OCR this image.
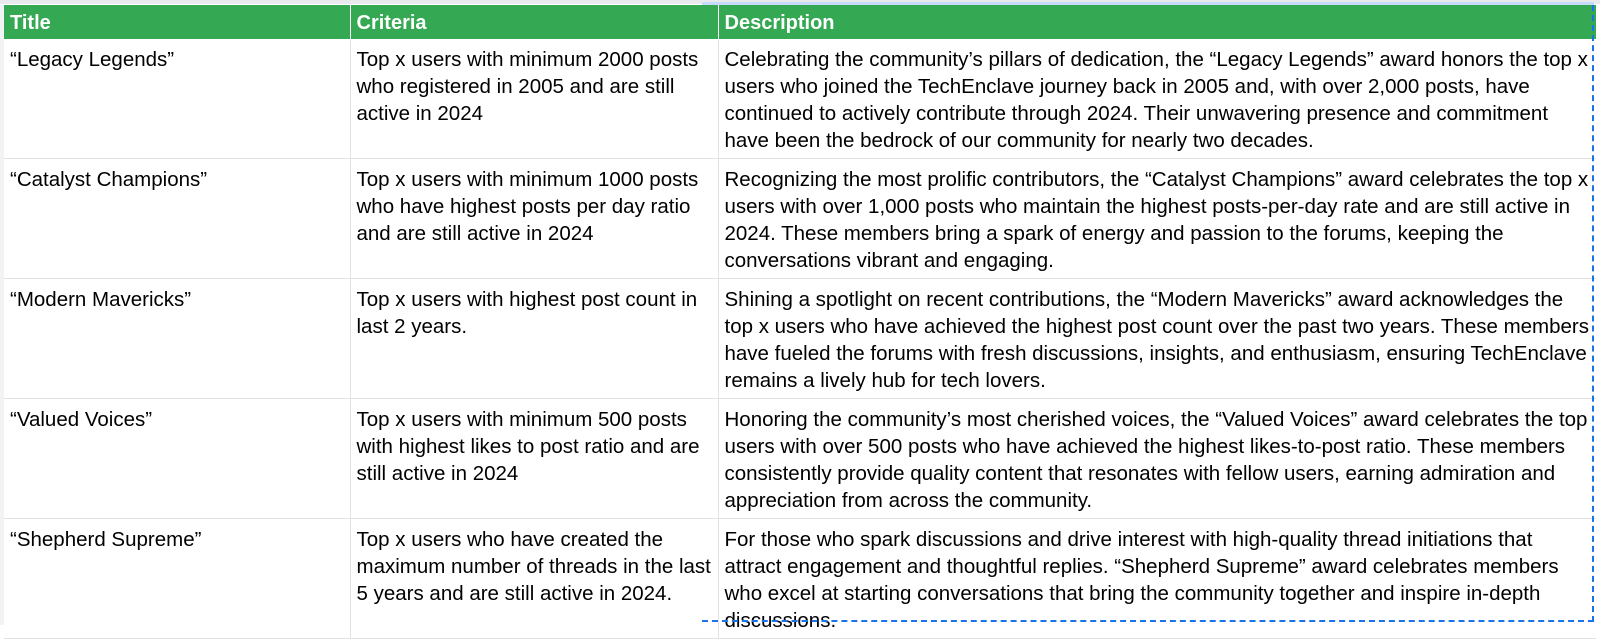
Title	Criteria	Description
“Legacy Legends”	Top x users with minimum 2000 posts who registered in 2005 and are still active in 2024	Celebrating the community’s pillars of dedication, the “Legacy Legends” award honors the top x users who joined the TechEnclave journey back in 2005 and, with over 2,000 posts, have continued to actively contribute through 2024. Their unwavering presence and commitment have been the bedrock of our community for nearly two decades.
“Catalyst Champions”	Top x users with minimum 1000 posts who have highest posts per day ratio and are still active in 2024	Recognizing the most prolific contributors, the “Catalyst Champions” award celebrates the top x users with over 1,000 posts who maintain the highest posts-per-day rate and are still active in 2024. These members bring a spark of energy and passion to the forums, keeping the conversations vibrant and engaging.
“Modern Mavericks”	Top x users with highest post count in last 2 years.	Shining a spotlight on recent contributions, the “Modern Mavericks” award acknowledges the top x users who have achieved the highest post count over the past two years. These members have fueled the forums with fresh discussions, insights, and enthusiasm, ensuring TechEnclave remains a lively hub for tech lovers.
“Valued Voices”	Top x users with minimum 500 posts with highest likes to post ratio and are still active in 2024	Honoring the community’s most cherished voices, the “Valued Voices” award celebrates the top users with over 500 posts who have achieved the highest likes-to-post ratio. These members consistently provide quality content that resonates with fellow users, earning admiration and appreciation from across the community.
“Shepherd Supreme”	Top x users who have created the maximum number of threads in the last 5 years and are still active in 2024.	For those who spark discussions and drive interest with high-quality thread initiations that attract engagement and thoughtful replies. “Shepherd Supreme” award celebrates members who excel at starting conversations that bring the community together and inspire in-depth discussions.
